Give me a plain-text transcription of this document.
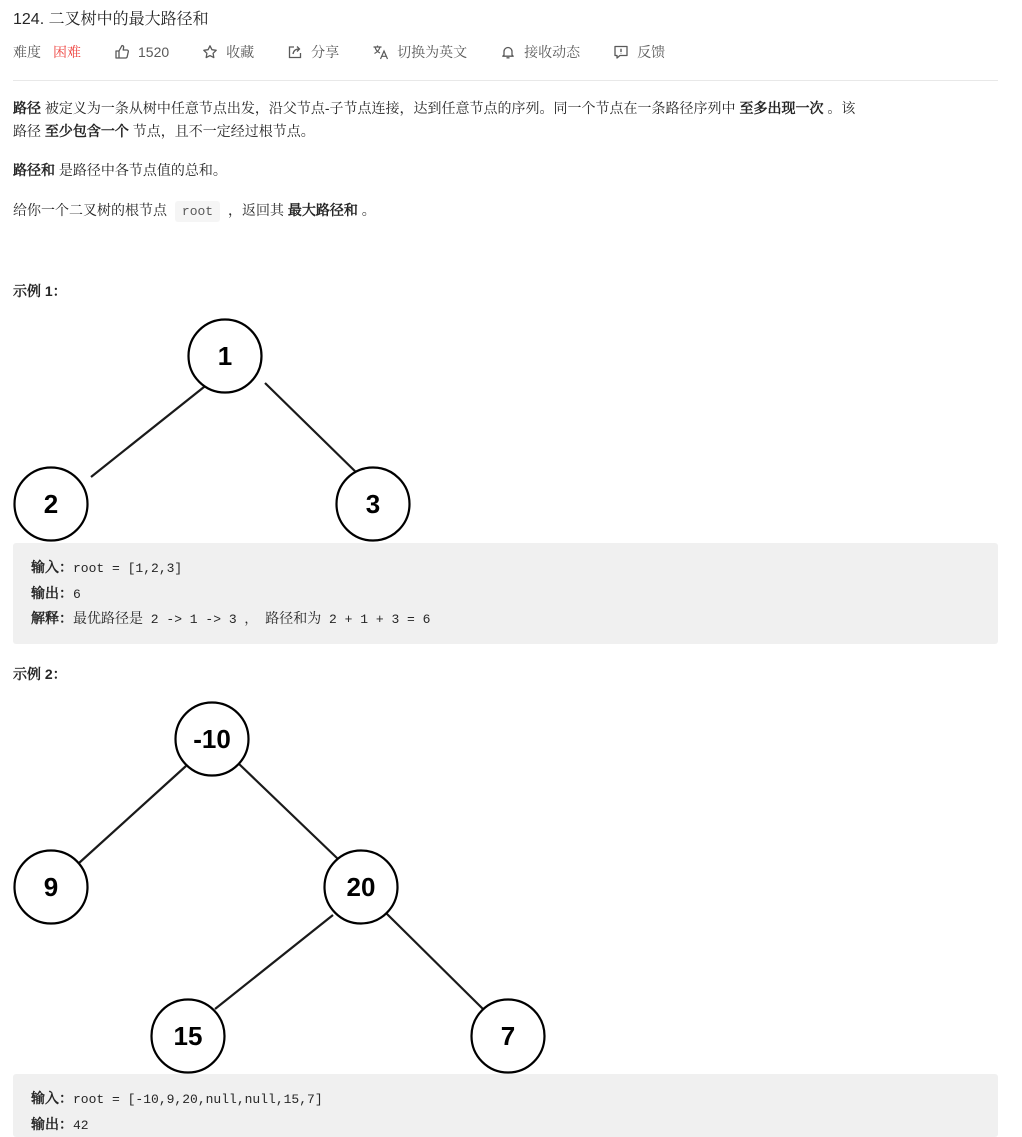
124. 二叉树中的最大路径和
难度 困难	1520	收藏	分享	切换为英文	接收动态	反馈
路径 被定义为一条从树中任意节点出发，沿父节点-子节点连接，达到任意节点的序列。同一个节点在一条路径序列中 至多出现一次 。该
路径 至少包含一个 节点，且不一定经过根节点。
路径和 是路径中各节点值的总和。
给你一个二叉树的根节点 root ，返回其 最大路径和 。
示例 1：
1
2	3
输入：root = [1,2,3]
输出：6
解释：最优路径是 2 -> 1 -> 3 ， 路径和为 2 + 1 + 3 = 6
示例 2：
-10
9	20
15	7
输入：root = [-10,9,20,null,null,15,7]
输出：42
